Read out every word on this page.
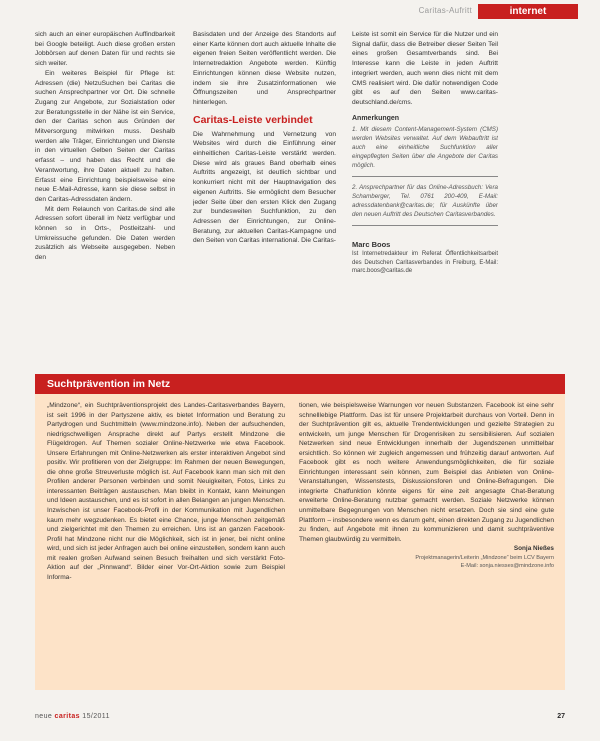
Caritas-Aufritt	internet

sich auch an einer europäischen Auffindbarkeit bei Google beteiligt. Auch diese großen ersten Jobbörsen auf denen Daten für und rechts sie sich weiter.

Ein weiteres Beispiel für Pflege ist: Adressen (die) NetzuSuchen bei Caritas die suchen Ansprechpartner vor Ort. Die schnelle Zugang zur Angebote, zur Sozialstation oder zur Beratungsstelle in der Nähe ist ein Service, den der Caritas schon aus Gründen der Mitversorgung mitwirken muss. Deshalb werden alle Träger, Einrichtungen und Dienste in den virtuellen Gelben Seiten der Caritas erfasst – und haben das Recht und die Verantwortung, ihre Daten aktuell zu halten. Erfasst eine Einrichtung beispielsweise eine neue E-Mail-Adresse, kann sie diese selbst in den Caritas-Adressdaten ändern.

Mit dem Relaunch von Caritas.de sind alle Adressen sofort überall im Netz verfügbar und können so in Orts-, Postleitzahl- und Umkreissuche gefunden. Die Daten werden zusätzlich als Webseite ausgegeben. Neben den

Basisdaten und der Anzeige des Standorts auf einer Karte können dort auch aktuelle Inhalte die eigenen freien Seiten veröffentlicht werden. Die Internetredaktion Angebote werden. Künftig Einrichtungen können diese Website nutzen, indem sie ihre Zusatzinformationen wie Öffnungszeiten und Ansprechpartner hinterlegen.

Caritas-Leiste verbindet

Die Wahrnehmung und Vernetzung von Websites wird durch die Einführung einer einheitlichen Caritas-Leiste verstärkt werden. Diese wird als graues Band oberhalb eines Auftritts angezeigt, ist deutlich sichtbar und konkurriert nicht mit der Hauptnavigation des eigenen Auftritts. Sie ermöglicht dem Besucher jeder Seite über den ersten Klick den Zugang zur bundesweiten Suchfunktion, zu den Adressen der Einrichtungen, zur Online-Beratung, zur aktuellen Caritas-Kampagne und den Seiten von Caritas international. Die Caritas-

Leiste ist somit ein Service für die Nutzer und ein Signal dafür, dass die Betreiber dieser Seiten Teil eines großen Gesamtverbands sind. Bei Interesse kann die Leiste in jeden Auftritt integriert werden, auch wenn dies nicht mit dem CMS realisiert wird. Die dafür notwendigen Code gibt es auf den Seiten www.caritas-deutschland.de/cms.

Anmerkungen

1. Mit diesem Content-Management-System (CMS) werden Websites verwaltet. Auf dem Webauftritt ist auch eine einheitliche Suchfunktion aller eingepflegten Seiten über die Angebote der Caritas möglich.

2. Ansprechpartner für das Online-Adressbuch: Vera Schamberger, Tel. 0761 200-409, E-Mail: adressdatenbank@caritas.de; für Auskünfte über den neuen Auftritt des Deutschen Caritasverbandes.

Marc Boos

Ist Internetredakteur im Referat Öffentlichkeitsarbeit des Deutschen Caritasverbandes in Freiburg, E-Mail: marc.boos@caritas.de

Suchtprävention im Netz

„Mindzone“, ein Suchtpräventionsprojekt des Landes-Caritasverbandes Bayern, ist seit 1996 in der Partyszene aktiv, es bietet Information und Beratung zu Partydrogen und Suchtmitteln (www.mindzone.info). Neben der aufsuchenden, niedrigschwelligen Ansprache direkt auf Partys erstellt Mindzone die Flügeldrogen. Auf Themen sozialer Online-Netzwerke wie etwa Facebook. Unsere Erfahrungen mit Online-Netzwerken als erster interaktiven Angebot sind positiv. Wir profitieren von der Zielgruppe: Im Rahmen der neuen Bewegungen, die ohne große Streuverluste möglich ist. Auf Facebook kann man sich mit den Profilen anderer Personen verbinden und somit Neuigkeiten, Fotos, Links zu interessanten Beiträgen austauschen. Man bleibt in Kontakt, kann Meinungen und Ideen austauschen, und es ist sofort in allen Belangen an jungen Menschen. Inzwischen ist unser Facebook-Profil in der Kommunikation mit Jugendlichen kaum mehr wegzudenken. Es bietet eine Chance, junge Menschen zeitgemäß und zielgerichtet mit den Themen zu erreichen. Uns ist an ganzen Facebook-Profil hat Mindzone nicht nur die Möglichkeit, sich ist in jener, bei nicht online wird, und sich ist jeder Anfragen auch bei online einzustellen, sondern kann auch mit realen großen Aufwand seinen Besuch freihalten und sich verstärkt Foto-Aktion auf der „Pinnwand“. Bilder einer Vor-Ort-Aktion sowie zum Beispiel Informa-

tionen, wie beispielsweise Warnungen vor neuen Substanzen. Facebook ist eine sehr schnelllebige Plattform. Das ist für unsere Projektarbeit durchaus von Vorteil. Denn in der Suchtprävention gilt es, aktuelle Trendentwicklungen und gezielte Strategien zu entwickeln, um junge Menschen für Drogenrisiken zu sensibilisieren. Auf sozialen Netzwerken sind neue Entwicklungen innerhalb der Jugendszenen unmittelbar ersichtlich. So können wir zugleich angemessen und frühzeitig darauf antworten. Auf Facebook gibt es noch weitere Anwendungsmöglichkeiten, die für soziale Einrichtungen interessant sein können, zum Beispiel das Anbieten von Online-Veranstaltungen, Wissenstests, Diskussionsforen und Online-Befragungen. Die integrierte Chatfunktion könnte eigens für eine zeit angesagte Chat-Beratung erweiterte Online-Beratung nutzbar gemacht werden. Soziale Netzwerke können unmittelbare Begegnungen von Menschen nicht ersetzen. Doch sie sind eine gute Plattform – insbesondere wenn es darum geht, einen direkten Zugang zu Jugendlichen zu finden, auf Angebote mit ihnen zu kommunizieren und damit suchtpräventive Themen glaubwürdig zu vermitteln.

Sonja Nießes

Projektmanagerin/Leiterin „Mindzone“ beim LCV Bayern

E-Mail: sonja.niesses@mindzone.info

neue caritas 15/2011	27
